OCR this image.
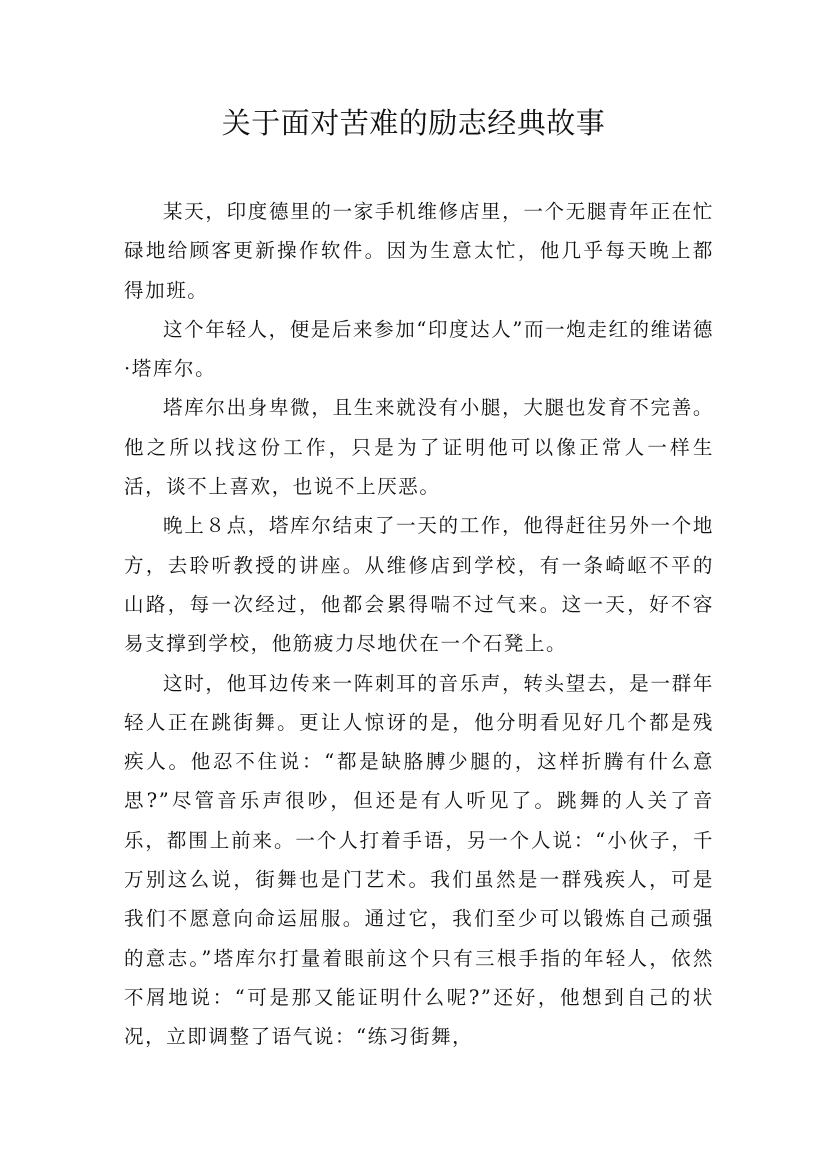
关于面对苦难的励志经典故事

某天，印度德里的一家手机维修店里，一个无腿青年正在忙碌地给顾客更新操作软件。因为生意太忙，他几乎每天晚上都得加班。

这个年轻人，便是后来参加“印度达人”而一炮走红的维诺德·塔库尔。

塔库尔出身卑微，且生来就没有小腿，大腿也发育不完善。他之所以找这份工作，只是为了证明他可以像正常人一样生活，谈不上喜欢，也说不上厌恶。

晚上８点，塔库尔结束了一天的工作，他得赶往另外一个地方，去聆听教授的讲座。从维修店到学校，有一条崎岖不平的山路，每一次经过，他都会累得喘不过气来。这一天，好不容易支撑到学校，他筋疲力尽地伏在一个石凳上。

这时，他耳边传来一阵刺耳的音乐声，转头望去，是一群年轻人正在跳街舞。更让人惊讶的是，他分明看见好几个都是残疾人。他忍不住说：“都是缺胳膊少腿的，这样折腾有什么意思?”尽管音乐声很吵，但还是有人听见了。跳舞的人关了音乐，都围上前来。一个人打着手语，另一个人说：“小伙子，千万别这么说，街舞也是门艺术。我们虽然是一群残疾人，可是我们不愿意向命运屈服。通过它，我们至少可以锻炼自己顽强的意志。”塔库尔打量着眼前这个只有三根手指的年轻人，依然不屑地说：“可是那又能证明什么呢?”还好，他想到自己的状况，立即调整了语气说：“练习街舞，
